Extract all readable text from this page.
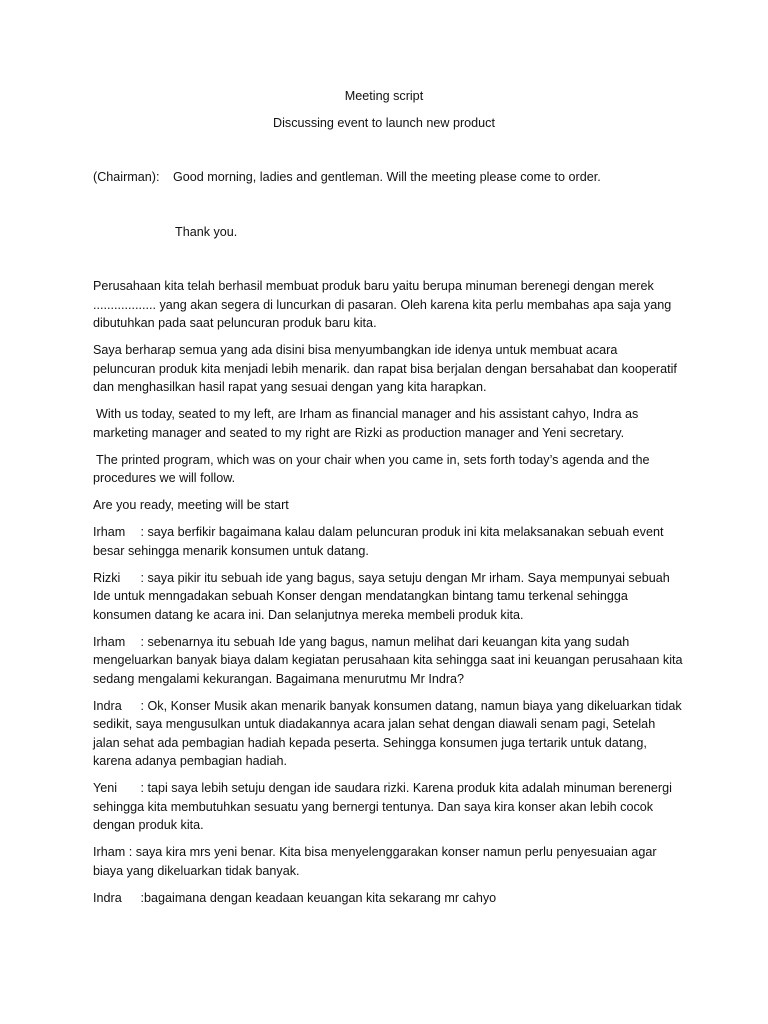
Meeting script

Discussing event to launch new product

(Chairman): Good morning, ladies and gentleman. Will the meeting please come to order.
Thank you.

Perusahaan kita telah berhasil membuat produk baru yaitu berupa minuman berenegi dengan merek .................. yang akan segera di luncurkan di pasaran. Oleh karena kita perlu membahas apa saja yang dibutuhkan pada saat peluncuran produk baru kita.

Saya berharap semua yang ada disini bisa menyumbangkan ide idenya untuk membuat acara peluncuran produk kita menjadi lebih menarik. dan rapat bisa berjalan dengan bersahabat dan kooperatif dan menghasilkan hasil rapat yang sesuai dengan yang kita harapkan.

With us today, seated to my left, are Irham as financial manager and his assistant cahyo, Indra as marketing manager and seated to my right are Rizki as production manager and Yeni secretary.

The printed program, which was on your chair when you came in, sets forth today’s agenda and the procedures we will follow.

Are you ready, meeting will be start

Irham : saya berfikir bagaimana kalau dalam peluncuran produk ini kita melaksanakan sebuah event besar sehingga menarik konsumen untuk datang.

Rizki : saya pikir itu sebuah ide yang bagus, saya setuju dengan Mr irham. Saya mempunyai sebuah Ide untuk menngadakan sebuah Konser dengan mendatangkan bintang tamu terkenal sehingga konsumen datang ke acara ini. Dan selanjutnya mereka membeli produk kita.

Irham : sebenarnya itu sebuah Ide yang bagus, namun melihat dari keuangan kita yang sudah mengeluarkan banyak biaya dalam kegiatan perusahaan kita sehingga saat ini keuangan perusahaan kita sedang mengalami kekurangan. Bagaimana menurutmu Mr Indra?

Indra : Ok, Konser Musik akan menarik banyak konsumen datang, namun biaya yang dikeluarkan tidak sedikit, saya mengusulkan untuk diadakannya acara jalan sehat dengan diawali senam pagi, Setelah jalan sehat ada pembagian hadiah kepada peserta. Sehingga konsumen juga tertarik untuk datang, karena adanya pembagian hadiah.

Yeni : tapi saya lebih setuju dengan ide saudara rizki. Karena produk kita adalah minuman berenergi sehingga kita membutuhkan sesuatu yang bernergi tentunya. Dan saya kira konser akan lebih cocok dengan produk kita.

Irham : saya kira mrs yeni benar. Kita bisa menyelenggarakan konser namun perlu penyesuaian agar biaya yang dikeluarkan tidak banyak.

Indra :bagaimana dengan keadaan keuangan kita sekarang mr cahyo
